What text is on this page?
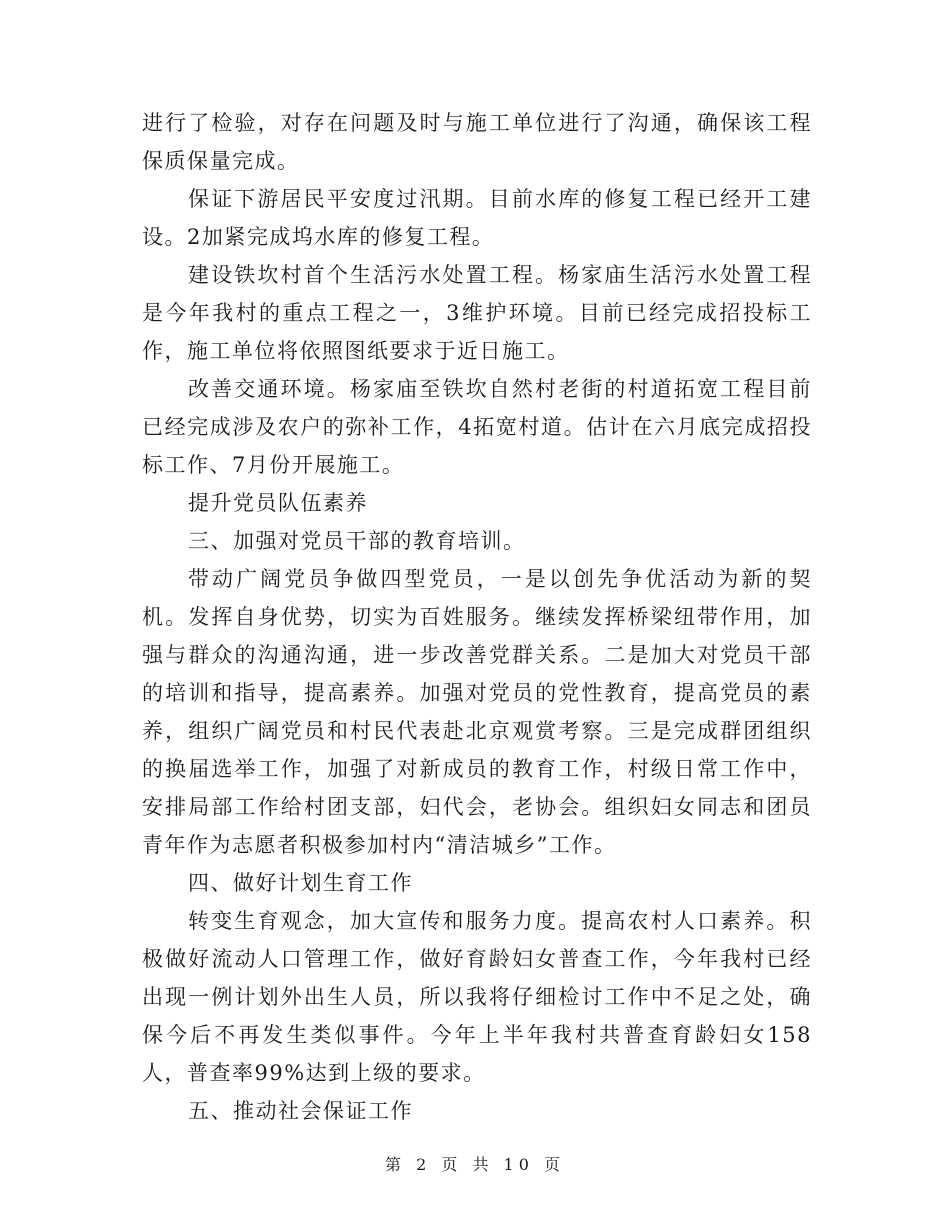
进行了检验，对存在问题及时与施工单位进行了沟通，确保该工程保质保量完成。

保证下游居民平安度过汛期。目前水库的修复工程已经开工建设。2加紧完成坞水库的修复工程。

建设铁坎村首个生活污水处置工程。杨家庙生活污水处置工程是今年我村的重点工程之一，3维护环境。目前已经完成招投标工作，施工单位将依照图纸要求于近日施工。

改善交通环境。杨家庙至铁坎自然村老街的村道拓宽工程目前已经完成涉及农户的弥补工作，4拓宽村道。估计在六月底完成招投标工作、7月份开展施工。

提升党员队伍素养

三、加强对党员干部的教育培训。

带动广阔党员争做四型党员，一是以创先争优活动为新的契机。发挥自身优势，切实为百姓服务。继续发挥桥梁纽带作用，加强与群众的沟通沟通，进一步改善党群关系。二是加大对党员干部的培训和指导，提高素养。加强对党员的党性教育，提高党员的素养，组织广阔党员和村民代表赴北京观赏考察。三是完成群团组织的换届选举工作，加强了对新成员的教育工作，村级日常工作中，安排局部工作给村团支部，妇代会，老协会。组织妇女同志和团员青年作为志愿者积极参加村内“清洁城乡”工作。

四、做好计划生育工作

转变生育观念，加大宣传和服务力度。提高农村人口素养。积极做好流动人口管理工作，做好育龄妇女普查工作，今年我村已经出现一例计划外出生人员，所以我将仔细检讨工作中不足之处，确保今后不再发生类似事件。今年上半年我村共普查育龄妇女158人，普查率99%达到上级的要求。

五、推动社会保证工作

第 2 页 共 10 页
